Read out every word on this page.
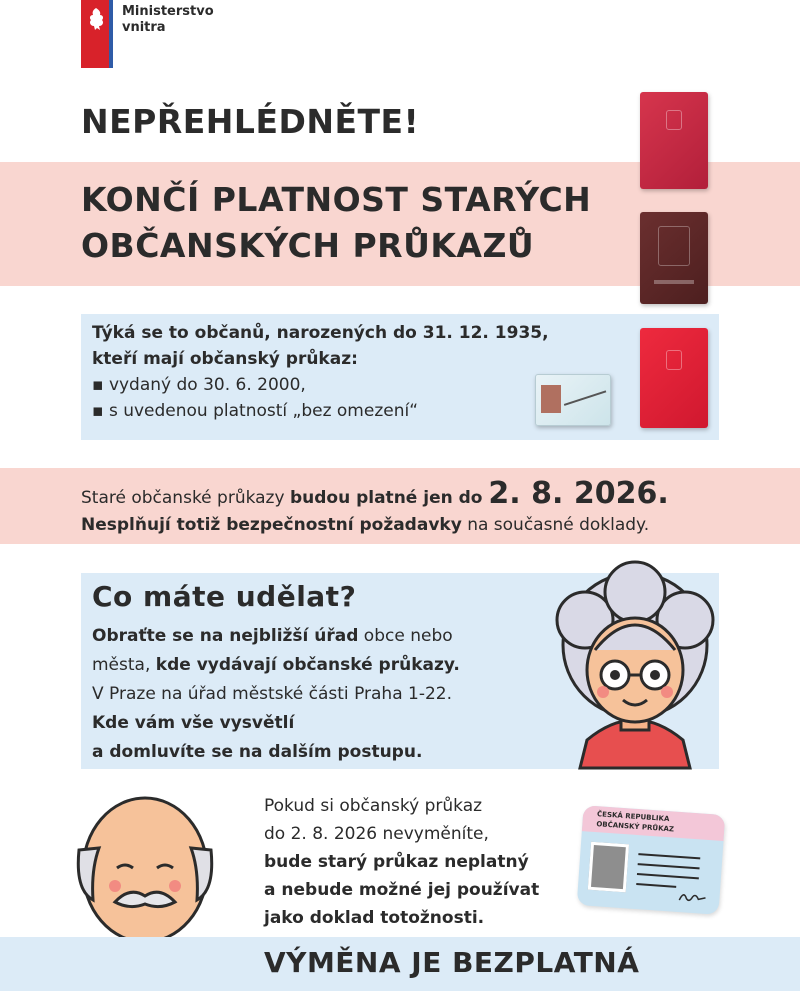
Ministerstvo
vnitra
NEPŘEHLÉDNĚTE!
KONČÍ PLATNOST STARÝCH
OBČANSKÝCH PRŮKAZŮ
Týká se to občanů, narozených do 31. 12. 1935,
kteří mají občanský průkaz:
▪ vydaný do 30. 6. 2000,
▪ s uvedenou platností „bez omezení“
Staré občanské průkazy budou platné jen do 2. 8. 2026.
Nesplňují totiž bezpečnostní požadavky na současné doklady.
Co máte udělat?
Obraťte se na nejbližší úřad obce nebo
města, kde vydávají občanské průkazy.
V Praze na úřad městské části Praha 1-22.
Kde vám vše vysvětlí
a domluvíte se na dalším postupu.
Pokud si občanský průkaz
do 2. 8. 2026 nevyměníte,
bude starý průkaz neplatný
a nebude možné jej používat
jako doklad totožnosti.
ČESKÁ REPUBLIKA
OBČANSKÝ PRŮKAZ
VÝMĚNA JE BEZPLATNÁ
